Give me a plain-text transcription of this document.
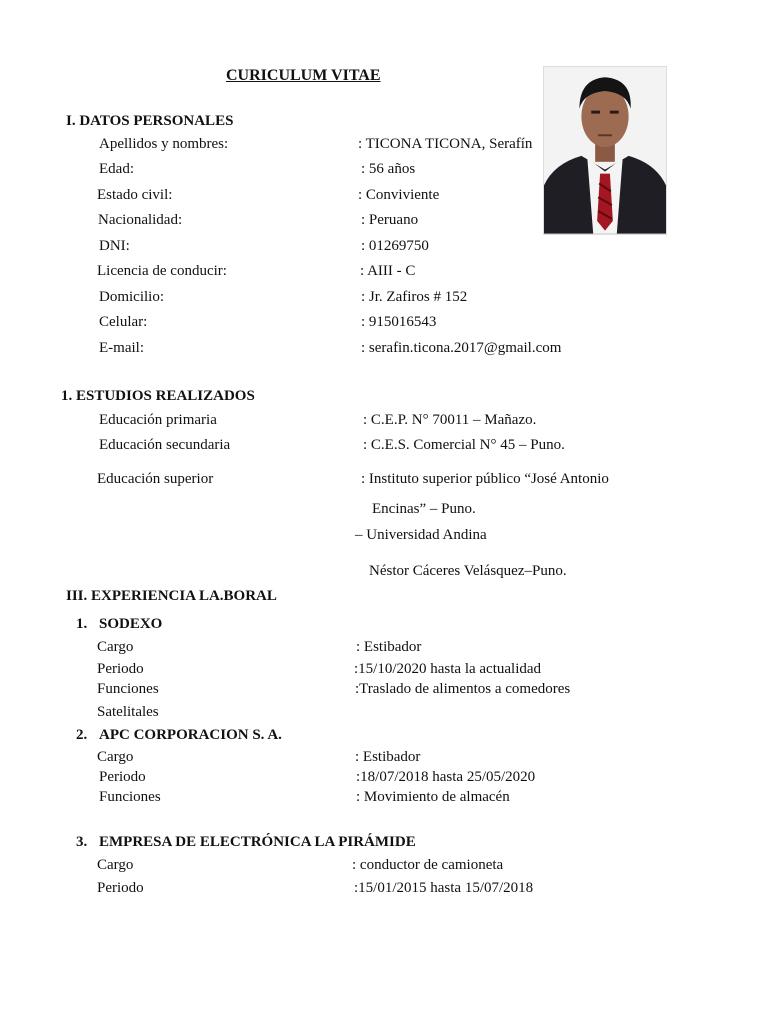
CURICULUM VITAE
I. DATOS PERSONALES
Apellidos y nombres:	: TICONA TICONA, Serafín
Edad:	: 56 años
Estado civil:	: Conviviente
Nacionalidad:	: Peruano
DNI:	: 01269750
Licencia de conducir:	: AIII - C
Domicilio:	: Jr. Zafiros # 152
Celular:	: 915016543
E-mail:	: serafin.ticona.2017@gmail.com
1. ESTUDIOS REALIZADOS
Educación primaria	: C.E.P. N° 70011 – Mañazo.
Educación secundaria	: C.E.S. Comercial N° 45 – Puno.
Educación superior	: Instituto superior público “José Antonio
Encinas” – Puno.
– Universidad Andina
Néstor Cáceres Velásquez–Puno.
III. EXPERIENCIA LA.BORAL
1. SODEXO
Cargo	: Estibador
Periodo	:15/10/2020 hasta la actualidad
Funciones	:Traslado de alimentos a comedores
Satelitales
2. APC CORPORACION S. A.
Cargo	: Estibador
Periodo	:18/07/2018 hasta 25/05/2020
Funciones	: Movimiento de almacén
3. EMPRESA DE ELECTRÓNICA LA PIRÁMIDE
Cargo	: conductor de camioneta
Periodo	:15/01/2015 hasta 15/07/2018
